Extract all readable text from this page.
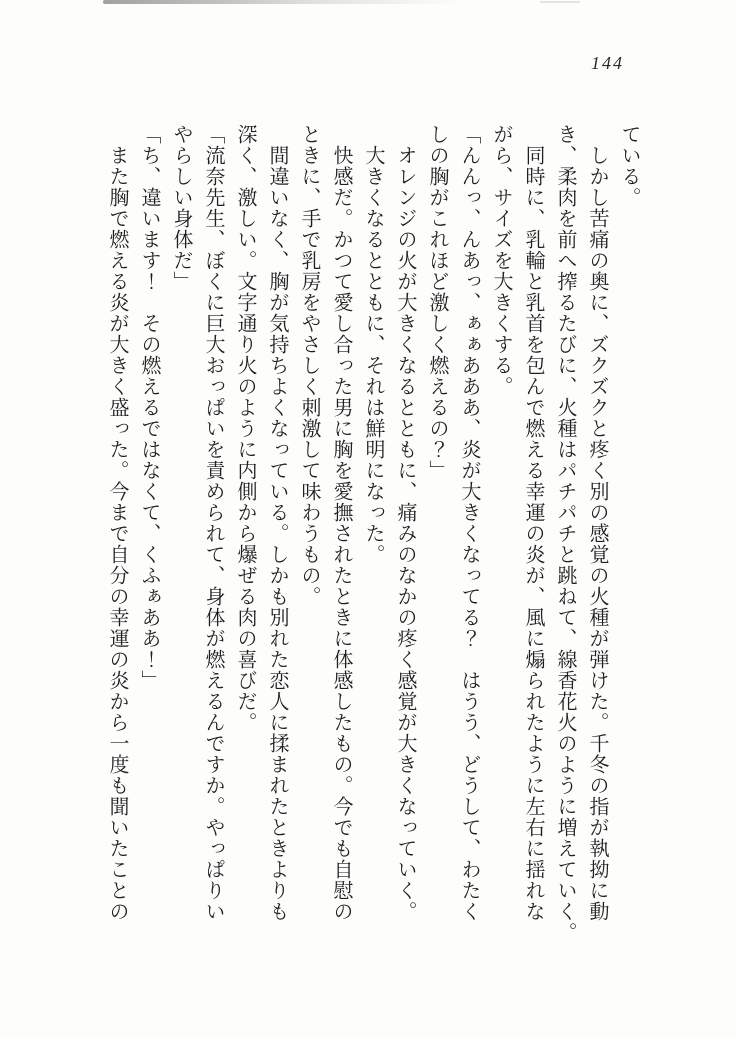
144
ている。
しかし苦痛の奥に、ズクズクと疼く別の感覚の火種が弾けた。千冬の指が執拗に動
き、柔肉を前へ搾るたびに、火種はパチパチと跳ねて、線香花火のように増えていく。
同時に、乳輪と乳首を包んで燃える幸運の炎が、風に煽られたように左右に揺れな
がら、サイズを大きくする。
「んんっ、んあっ、ぁぁあああ、炎が大きくなってる？　はうう、どうして、わたく
しの胸がこれほど激しく燃えるの？」
オレンジの火が大きくなるとともに、痛みのなかの疼く感覚が大きくなっていく。
大きくなるとともに、それは鮮明になった。
快感だ。かつて愛し合った男に胸を愛撫されたときに体感したもの。今でも自慰の
ときに、手で乳房をやさしく刺激して味わうもの。
間違いなく、胸が気持ちよくなっている。しかも別れた恋人に揉まれたときよりも
深く、激しい。文字通り火のように内側から爆ぜる肉の喜びだ。
「流奈先生、ぼくに巨大おっぱいを責められて、身体が燃えるんですか。やっぱりい
やらしい身体だ」
「ち、違います！　その燃えるではなくて、くふぁああ！」
また胸で燃える炎が大きく盛った。今まで自分の幸運の炎から一度も聞いたことの
